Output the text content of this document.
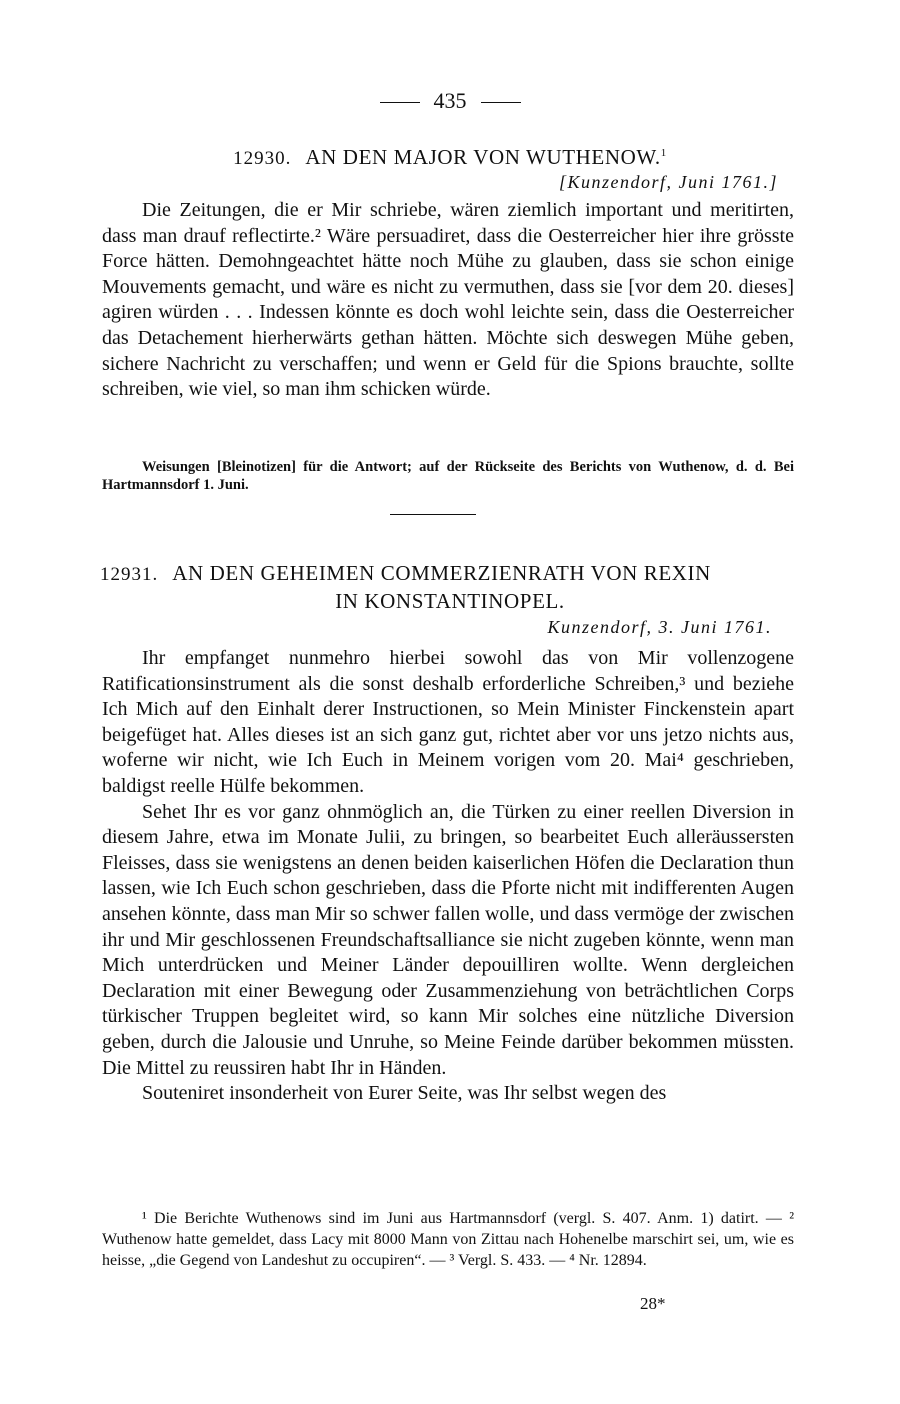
435
12930. AN DEN MAJOR VON WUTHENOW.$^1$
[Kunzendorf, Juni 1761.]

Die Zeitungen, die er Mir schriebe, wären ziemlich important und meritirten, dass man drauf reflectirte.² Wäre persuadiret, dass die Oesterreicher hier ihre grösste Force hätten. Demohngeachtet hätte noch Mühe zu glauben, dass sie schon einige Mouvements gemacht, und wäre es nicht zu vermuthen, dass sie [vor dem 20. dieses] agiren würden . . . Indessen könnte es doch wohl leichte sein, dass die Oesterreicher das Detachement hierherwärts gethan hätten. Möchte sich deswegen Mühe geben, sichere Nachricht zu verschaffen; und wenn er Geld für die Spions brauchte, sollte schreiben, wie viel, so man ihm schicken würde.

Weisungen [Bleinotizen] für die Antwort; auf der Rückseite des Berichts von Wuthenow, d. d. Bei Hartmannsdorf 1. Juni.
12931. AN DEN GEHEIMEN COMMERZIENRATH VON REXIN
IN KONSTANTINOPEL.
Kunzendorf, 3. Juni 1761.

Ihr empfanget nunmehro hierbei sowohl das von Mir vollenzogene Ratificationsinstrument als die sonst deshalb erforderliche Schreiben,³ und beziehe Ich Mich auf den Einhalt derer Instructionen, so Mein Minister Finckenstein apart beigefüget hat. Alles dieses ist an sich ganz gut, richtet aber vor uns jetzo nichts aus, woferne wir nicht, wie Ich Euch in Meinem vorigen vom 20. Mai⁴ geschrieben, baldigst reelle Hülfe bekommen.

Sehet Ihr es vor ganz ohnmöglich an, die Türken zu einer reellen Diversion in diesem Jahre, etwa im Monate Julii, zu bringen, so bearbeitet Euch alleräussersten Fleisses, dass sie wenigstens an denen beiden kaiserlichen Höfen die Declaration thun lassen, wie Ich Euch schon geschrieben, dass die Pforte nicht mit indifferenten Augen ansehen könnte, dass man Mir so schwer fallen wolle, und dass vermöge der zwischen ihr und Mir geschlossenen Freundschaftsalliance sie nicht zugeben könnte, wenn man Mich unterdrücken und Meiner Länder depouilliren wollte. Wenn dergleichen Declaration mit einer Bewegung oder Zusammenziehung von beträchtlichen Corps türkischer Truppen begleitet wird, so kann Mir solches eine nützliche Diversion geben, durch die Jalousie und Unruhe, so Meine Feinde darüber bekommen müssten. Die Mittel zu reussiren habt Ihr in Händen.

Souteniret insonderheit von Eurer Seite, was Ihr selbst wegen des

¹ Die Berichte Wuthenows sind im Juni aus Hartmannsdorf (vergl. S. 407. Anm. 1) datirt. — ² Wuthenow hatte gemeldet, dass Lacy mit 8000 Mann von Zittau nach Hohenelbe marschirt sei, um, wie es heisse, „die Gegend von Landeshut zu occupiren“. — ³ Vergl. S. 433. — ⁴ Nr. 12894.
28*
